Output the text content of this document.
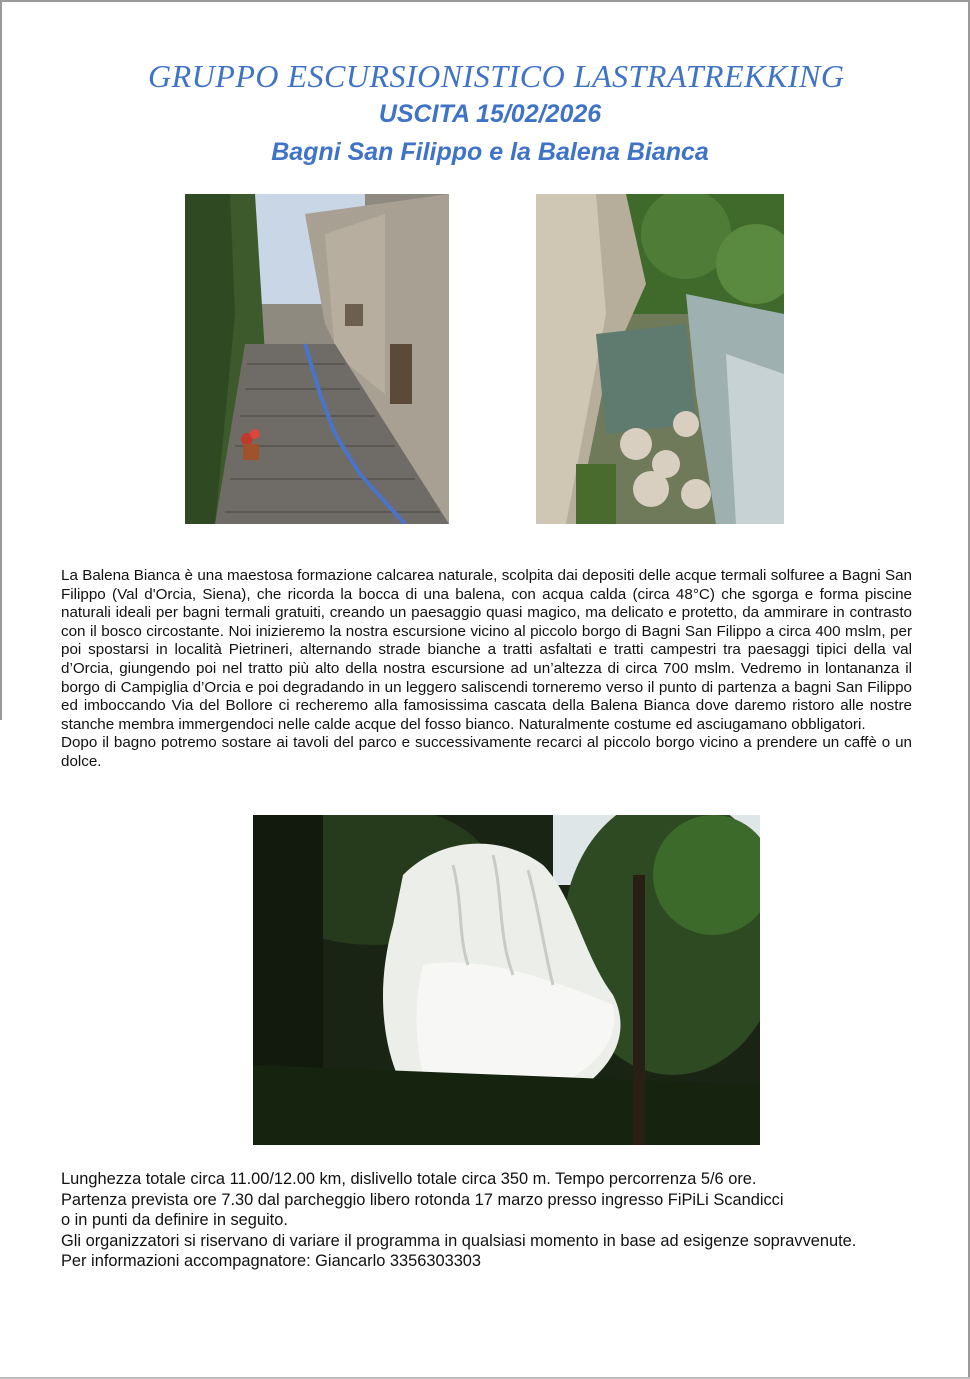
GRUPPO ESCURSIONISTICO LASTRATREKKING
USCITA 15/02/2026
Bagni San Filippo e la Balena Bianca

La Balena Bianca è una maestosa formazione calcarea naturale, scolpita dai depositi delle acque termali solfuree a Bagni San Filippo (Val d'Orcia, Siena), che ricorda la bocca di una balena, con acqua calda (circa 48°C) che sgorga e forma piscine naturali ideali per bagni termali gratuiti, creando un paesaggio quasi magico, ma delicato e protetto, da ammirare in contrasto con il bosco circostante. Noi inizieremo la nostra escursione vicino al piccolo borgo di Bagni San Filippo a circa 400 mslm, per poi spostarsi in località Pietrineri, alternando strade bianche a tratti asfaltati e tratti campestri tra paesaggi tipici della val d’Orcia, giungendo poi nel tratto più alto della nostra escursione ad un’altezza di circa 700 mslm. Vedremo in lontananza il borgo di Campiglia d’Orcia e poi degradando in un leggero saliscendi torneremo verso il punto di partenza a bagni San Filippo ed imboccando Via del Bollore ci recheremo alla famosissima cascata della Balena Bianca dove daremo ristoro alle nostre stanche membra immergendoci nelle calde acque del fosso bianco. Naturalmente costume ed asciugamano obbligatori.

Dopo il bagno potremo sostare ai tavoli del parco e successivamente recarci al piccolo borgo vicino a prendere un caffè o un dolce.

Lunghezza totale circa 11.00/12.00 km, dislivello totale circa 350 m. Tempo percorrenza 5/6 ore.

Partenza prevista ore 7.30 dal parcheggio libero rotonda 17 marzo presso ingresso FiPiLi Scandicci

o in punti da definire in seguito.

Gli organizzatori si riservano di variare il programma in qualsiasi momento in base ad esigenze sopravvenute.

Per informazioni accompagnatore: Giancarlo 3356303303
